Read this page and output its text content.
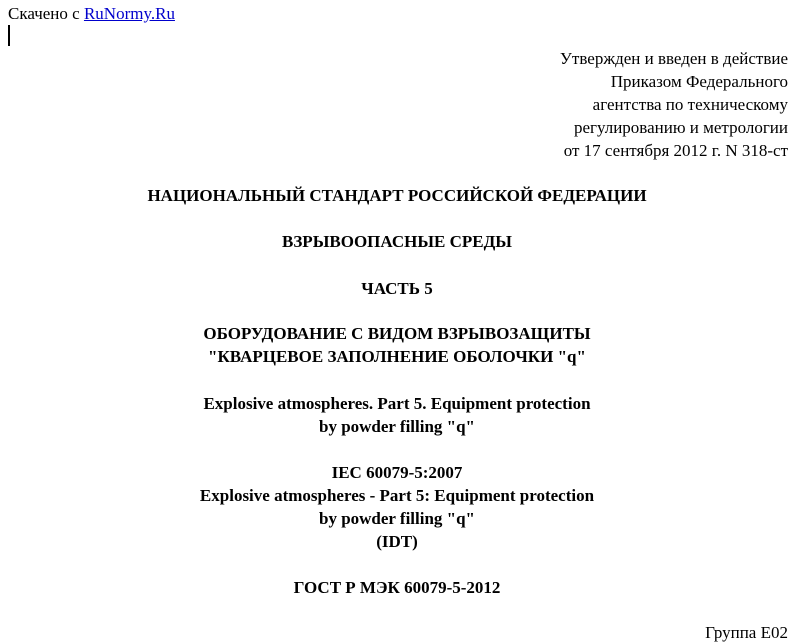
Скачено с RuNormy.Ru
Утвержден и введен в действие
Приказом Федерального
агентства по техническому
регулированию и метрологии
от 17 сентября 2012 г. N 318-ст
НАЦИОНАЛЬНЫЙ СТАНДАРТ РОССИЙСКОЙ ФЕДЕРАЦИИ
ВЗРЫВООПАСНЫЕ СРЕДЫ
ЧАСТЬ 5
ОБОРУДОВАНИЕ С ВИДОМ ВЗРЫВОЗАЩИТЫ
"КВАРЦЕВОЕ ЗАПОЛНЕНИЕ ОБОЛОЧКИ "q"
Explosive atmospheres. Part 5. Equipment protection
by powder filling "q"
IEC 60079-5:2007
Explosive atmospheres - Part 5: Equipment protection
by powder filling "q"
(IDT)
ГОСТ Р МЭК 60079-5-2012
Группа Е02
